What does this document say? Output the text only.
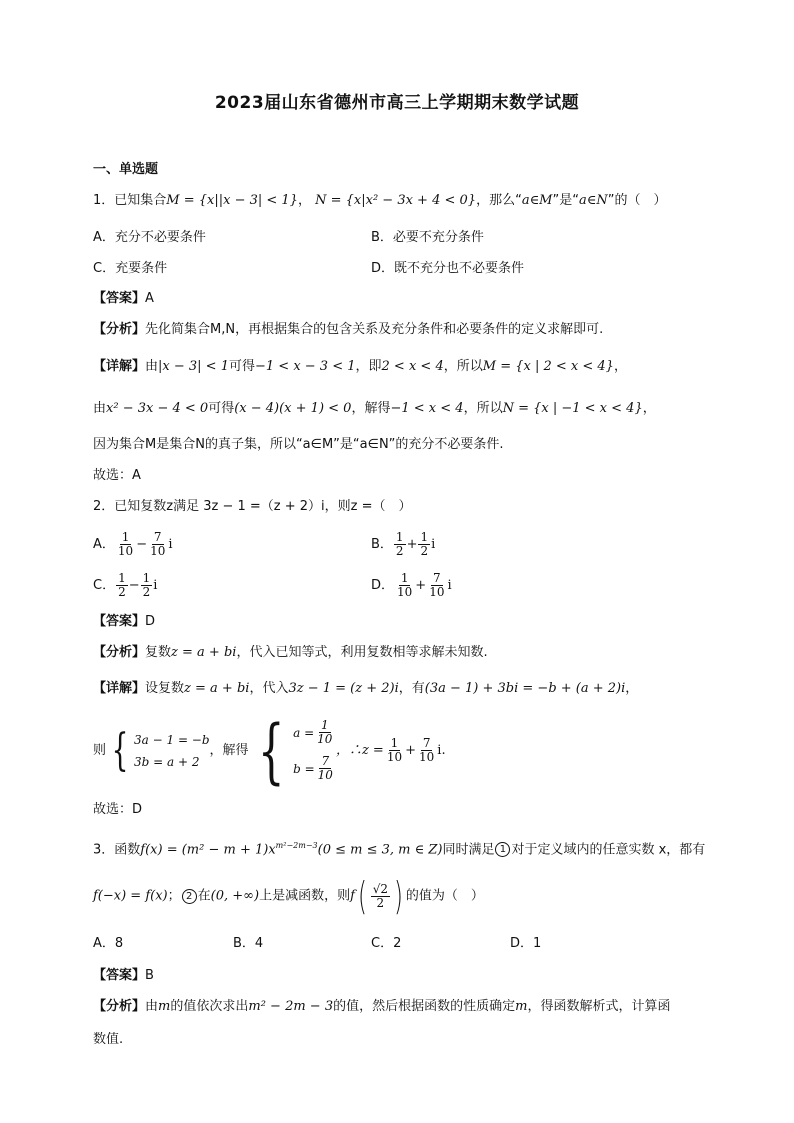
2023届山东省德州市高三上学期期末数学试题
一、单选题
1．已知集合M = {x||x − 3| < 1}， N = {x|x² − 3x + 4 < 0}，那么“a∈M”是“a∈N”的（　）
A．充分不必要条件	B．必要不充分条件
C．充要条件	D．既不充分也不必要条件
【答案】A
【分析】先化简集合M,N，再根据集合的包含关系及充分条件和必要条件的定义求解即可.
【详解】由|x − 3| < 1可得−1 < x − 3 < 1，即2 < x < 4，所以M = {x | 2 < x < 4}，
由x² − 3x − 4 < 0可得(x − 4)(x + 1) < 0，解得−1 < x < 4，所以N = {x | −1 < x < 4}，
因为集合M是集合N的真子集，所以“a∈M”是“a∈N”的充分不必要条件.
故选：A
2．已知复数z满足 3z − 1 =（z + 2）i，则z =（　）
A． $\frac{1}{10} - \frac{7}{10}$ i	B． $\frac{1}{2} + \frac{1}{2}$ i
C． $\frac{1}{2} - \frac{1}{2}$ i	D． $\frac{1}{10} + \frac{7}{10}$ i
【答案】D
【分析】复数z = a + bi，代入已知等式，利用复数相等求解未知数.
【详解】设复数z = a + bi，代入3z − 1 = (z + 2)i，有(3a − 1) + 3bi = −b + (a + 2)i，
则 { 3a − 1 = −b
3b = a + 2
，解得 { $a = \frac{1}{10}$
$b = \frac{7}{10}$
，∴z = $\frac{1}{10} + \frac{7}{10} i$.
故选：D
3．函数$f(x) = (m^2 - m + 1)x^{m^2-2m-3}(0 \le m \le 3$, m ∈ Z)同时满足 1 对于定义域内的任意实数 x，都有
f(−x) = f(x)； 2 在(0, +∞)上是减函数，则$f( \frac{√2}{2}$ ) 的值为（　）
A．8	B．4	C．2	D．1
【答案】B
【分析】由m的值依次求出m² − 2m − 3的值，然后根据函数的性质确定m，得函数解析式，计算函
数值.
